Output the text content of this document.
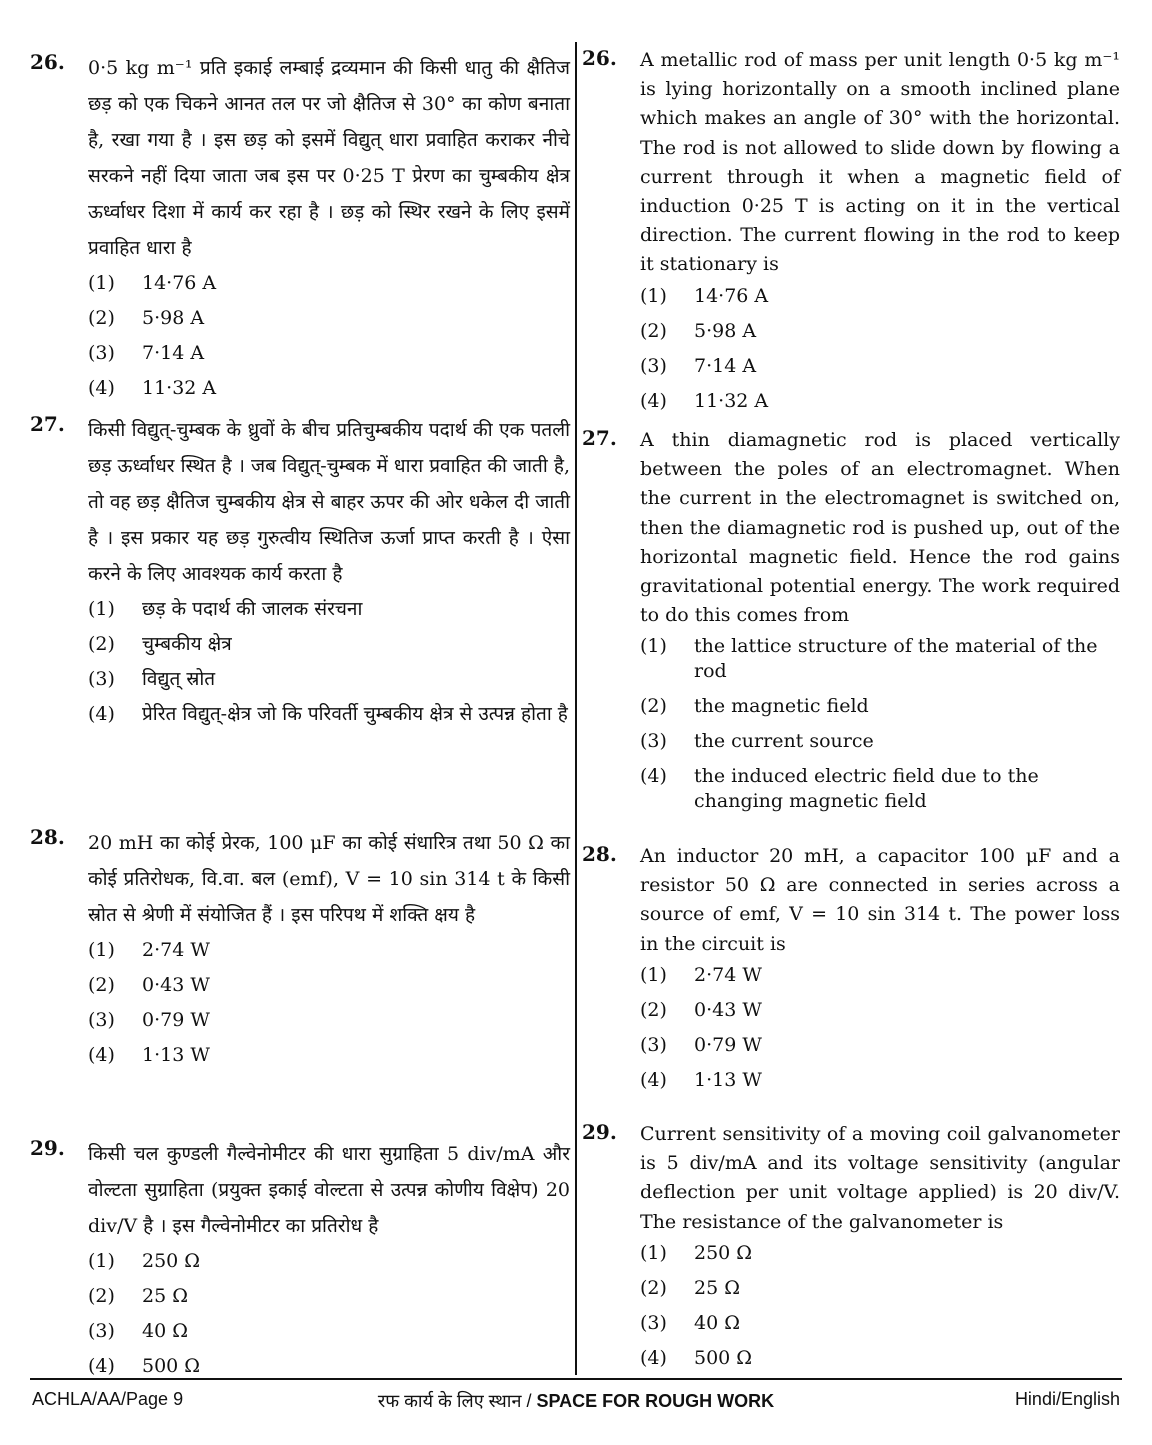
26. 0·5 kg m⁻¹ प्रति इकाई लम्बाई द्रव्यमान की किसी धातु की क्षैतिज छड़ को एक चिकने आनत तल पर जो क्षैतिज से 30° का कोण बनाता है, रखा गया है । इस छड़ को इसमें विद्युत् धारा प्रवाहित कराकर नीचे सरकने नहीं दिया जाता जब इस पर 0·25 T प्रेरण का चुम्बकीय क्षेत्र ऊर्ध्वाधर दिशा में कार्य कर रहा है । छड़ को स्थिर रखने के लिए इसमें प्रवाहित धारा है
(1) 14·76 A
(2) 5·98 A
(3) 7·14 A
(4) 11·32 A
27. किसी विद्युत्-चुम्बक के ध्रुवों के बीच प्रतिचुम्बकीय पदार्थ की एक पतली छड़ ऊर्ध्वाधर स्थित है । जब विद्युत्-चुम्बक में धारा प्रवाहित की जाती है, तो वह छड़ क्षैतिज चुम्बकीय क्षेत्र से बाहर ऊपर की ओर धकेल दी जाती है । इस प्रकार यह छड़ गुरुत्वीय स्थितिज ऊर्जा प्राप्त करती है । ऐसा करने के लिए आवश्यक कार्य करता है
(1) छड़ के पदार्थ की जालक संरचना
(2) चुम्बकीय क्षेत्र
(3) विद्युत् स्रोत
(4) प्रेरित विद्युत्-क्षेत्र जो कि परिवर्ती चुम्बकीय क्षेत्र से उत्पन्न होता है
28. 20 mH का कोई प्रेरक, 100 μF का कोई संधारित्र तथा 50 Ω का कोई प्रतिरोधक, वि.वा. बल (emf), V = 10 sin 314 t के किसी स्रोत से श्रेणी में संयोजित हैं । इस परिपथ में शक्ति क्षय है
(1) 2·74 W
(2) 0·43 W
(3) 0·79 W
(4) 1·13 W
29. किसी चल कुण्डली गैल्वेनोमीटर की धारा सुग्राहिता 5 div/mA और वोल्टता सुग्राहिता (प्रयुक्त इकाई वोल्टता से उत्पन्न कोणीय विक्षेप) 20 div/V है । इस गैल्वेनोमीटर का प्रतिरोध है
(1) 250 Ω
(2) 25 Ω
(3) 40 Ω
(4) 500 Ω
26. A metallic rod of mass per unit length 0·5 kg m⁻¹ is lying horizontally on a smooth inclined plane which makes an angle of 30° with the horizontal. The rod is not allowed to slide down by flowing a current through it when a magnetic field of induction 0·25 T is acting on it in the vertical direction. The current flowing in the rod to keep it stationary is
(1) 14·76 A
(2) 5·98 A
(3) 7·14 A
(4) 11·32 A
27. A thin diamagnetic rod is placed vertically between the poles of an electromagnet. When the current in the electromagnet is switched on, then the diamagnetic rod is pushed up, out of the horizontal magnetic field. Hence the rod gains gravitational potential energy. The work required to do this comes from
(1) the lattice structure of the material of the rod
(2) the magnetic field
(3) the current source
(4) the induced electric field due to the changing magnetic field
28. An inductor 20 mH, a capacitor 100 μF and a resistor 50 Ω are connected in series across a source of emf, V = 10 sin 314 t. The power loss in the circuit is
(1) 2·74 W
(2) 0·43 W
(3) 0·79 W
(4) 1·13 W
29. Current sensitivity of a moving coil galvanometer is 5 div/mA and its voltage sensitivity (angular deflection per unit voltage applied) is 20 div/V. The resistance of the galvanometer is
(1) 250 Ω
(2) 25 Ω
(3) 40 Ω
(4) 500 Ω
ACHLA/AA/Page 9	रफ कार्य के लिए स्थान / SPACE FOR ROUGH WORK	Hindi/English
